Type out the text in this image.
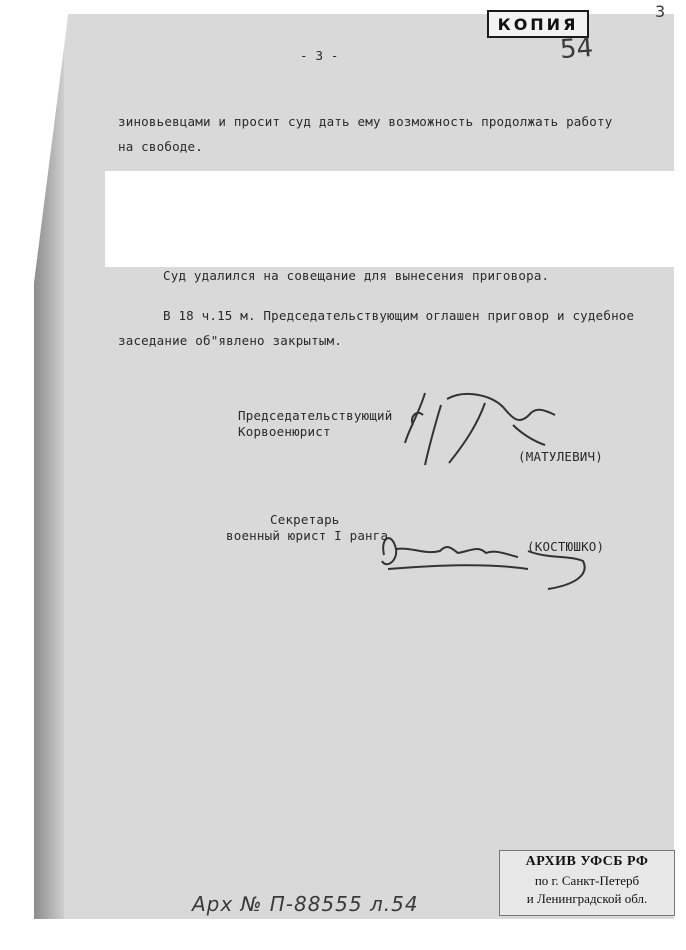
- 3 -
3
КОПИЯ
54
зиновьевцами и просит суд дать ему возможность продолжать работу
на свободе.
Суд удалился на совещание для вынесения приговора.
В 18 ч.15 м. Председательствующим оглашен приговор и судебное
заседание об"явлено закрытым.
Председательствующий
Корвоенюрист
(МАТУЛЕВИЧ)
Секретарь
военный юрист I ранга
(КОСТЮШКО)
АРХИВ УФСБ РФ
по г. Санкт-Петерб
и Ленинградской обл.
Арх № П-88555 л.54
